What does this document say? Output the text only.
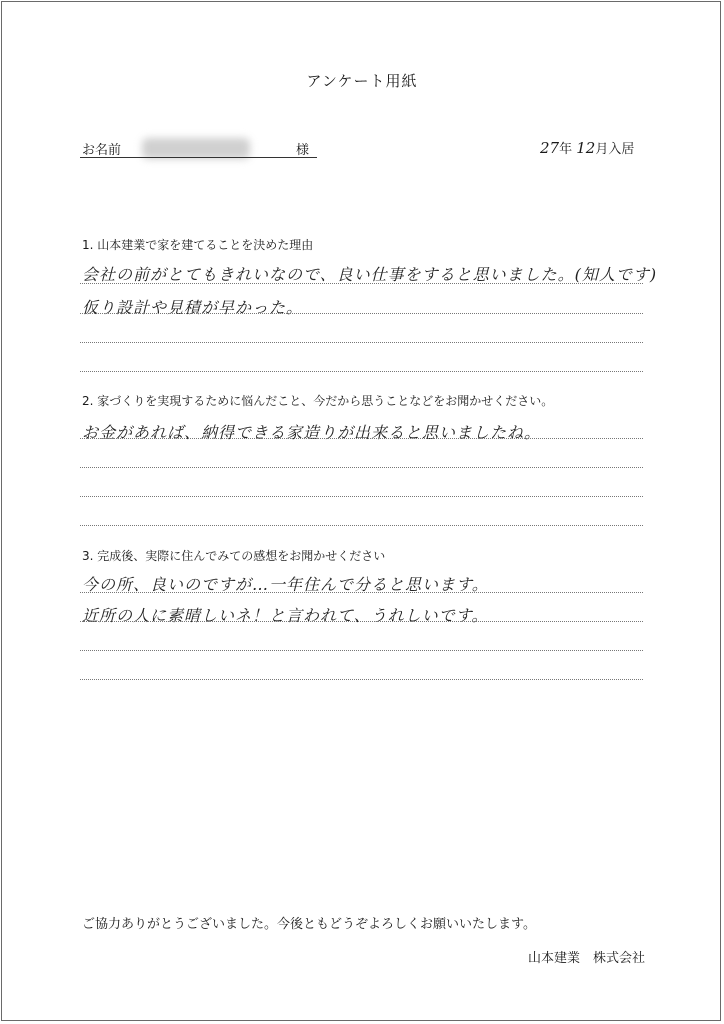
アンケート用紙
お名前	様	27年 12月入居
1. 山本建業で家を建てることを決めた理由
会社の前がとてもきれいなので、良い仕事をすると思いました。(知人です)
仮り設計や見積が早かった。
2. 家づくりを実現するために悩んだこと、今だから思うことなどをお聞かせください。
お金があれば、納得できる家造りが出来ると思いましたね。
3. 完成後、実際に住んでみての感想をお聞かせください
今の所、良いのですが…一年住んで分ると思います。
近所の人に素晴しいネ！と言われて、うれしいです。
ご協力ありがとうございました。今後ともどうぞよろしくお願いいたします。
山本建業　株式会社
